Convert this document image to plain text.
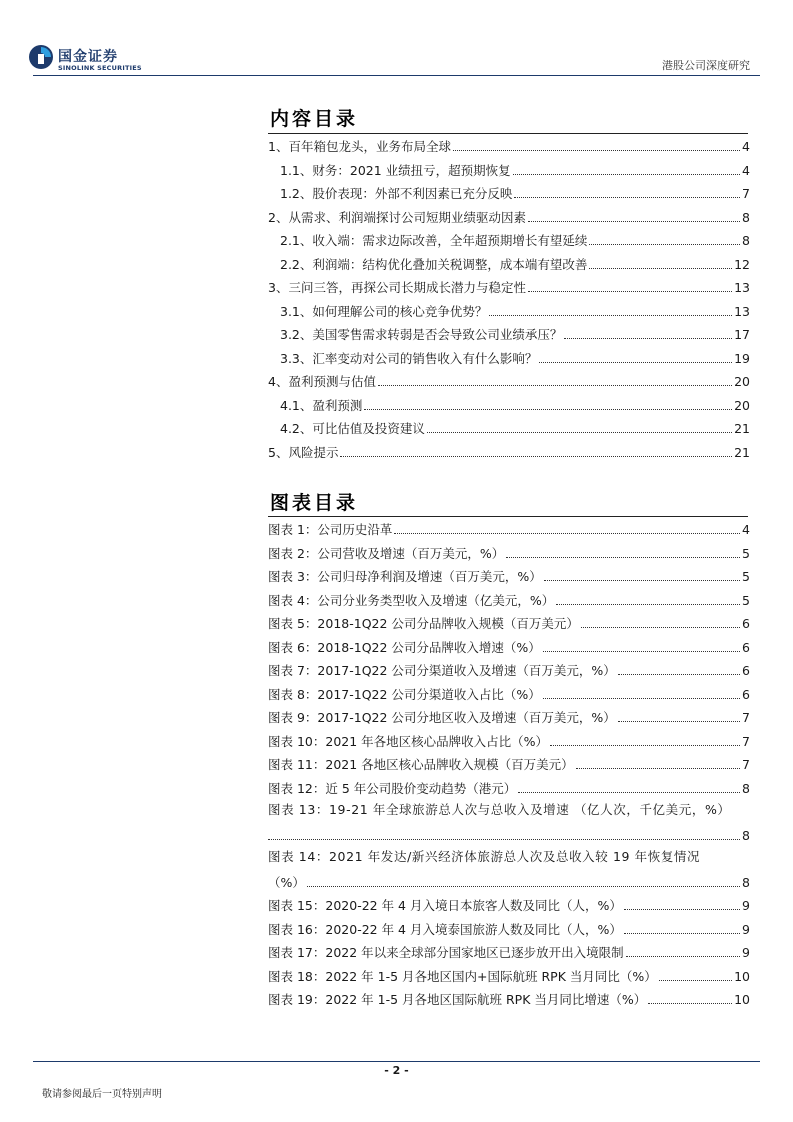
国金证券
SINOLINK SECURITIES	港股公司深度研究
内容目录
1、百年箱包龙头，业务布局全球	4
1.1、财务：2021 业绩扭亏，超预期恢复	4
1.2、股价表现：外部不利因素已充分反映	7
2、从需求、利润端探讨公司短期业绩驱动因素	8
2.1、收入端：需求边际改善，全年超预期增长有望延续	8
2.2、利润端：结构优化叠加关税调整，成本端有望改善	12
3、三问三答，再探公司长期成长潜力与稳定性	13
3.1、如何理解公司的核心竞争优势？	13
3.2、美国零售需求转弱是否会导致公司业绩承压？	17
3.3、汇率变动对公司的销售收入有什么影响？	19
4、盈利预测与估值	20
4.1、盈利预测	20
4.2、可比估值及投资建议	21
5、风险提示	21
图表目录
图表 1：公司历史沿革	4
图表 2：公司营收及增速（百万美元，%）	5
图表 3：公司归母净利润及增速（百万美元，%）	5
图表 4：公司分业务类型收入及增速（亿美元，%）	5
图表 5：2018-1Q22 公司分品牌收入规模（百万美元）	6
图表 6：2018-1Q22 公司分品牌收入增速（%）	6
图表 7：2017-1Q22 公司分渠道收入及增速（百万美元，%）	6
图表 8：2017-1Q22 公司分渠道收入占比（%）	6
图表 9：2017-1Q22 公司分地区收入及增速（百万美元，%）	7
图表 10：2021 年各地区核心品牌收入占比（%）	7
图表 11：2021 各地区核心品牌收入规模（百万美元）	7
图表 12：近 5 年公司股价变动趋势（港元）	8
图表 13：19-21 年全球旅游总人次与总收入及增速 （亿人次，千亿美元，%）
8
图表 14：2021 年发达/新兴经济体旅游总人次及总收入较 19 年恢复情况
（%）	8
图表 15：2020-22 年 4 月入境日本旅客人数及同比（人，%）	9
图表 16：2020-22 年 4 月入境泰国旅游人数及同比（人，%）	9
图表 17：2022 年以来全球部分国家地区已逐步放开出入境限制	9
图表 18：2022 年 1-5 月各地区国内+国际航班 RPK 当月同比（%）	10
图表 19：2022 年 1-5 月各地区国际航班 RPK 当月同比增速（%）	10
- 2 -
敬请参阅最后一页特别声明
